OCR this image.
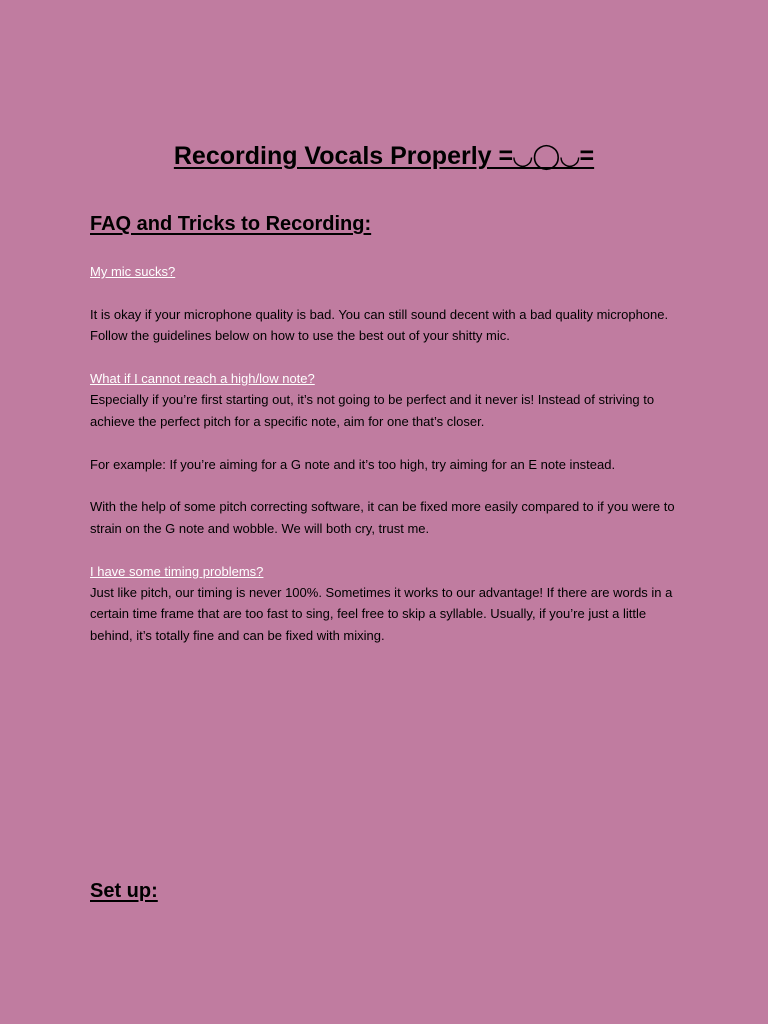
Recording Vocals Properly =◡◯◡=
FAQ and Tricks to Recording:
My mic sucks?

It is okay if your microphone quality is bad. You can still sound decent with a bad quality microphone. Follow the guidelines below on how to use the best out of your shitty mic.

What if I cannot reach a high/low note?

Especially if you’re first starting out, it’s not going to be perfect and it never is! Instead of striving to achieve the perfect pitch for a specific note, aim for one that’s closer.

For example: If you’re aiming for a G note and it’s too high, try aiming for an E note instead.

With the help of some pitch correcting software, it can be fixed more easily compared to if you were to strain on the G note and wobble. We will both cry, trust me.

I have some timing problems?

Just like pitch, our timing is never 100%. Sometimes it works to our advantage! If there are words in a certain time frame that are too fast to sing, feel free to skip a syllable. Usually, if you’re just a little behind, it’s totally fine and can be fixed with mixing.

Set up:
